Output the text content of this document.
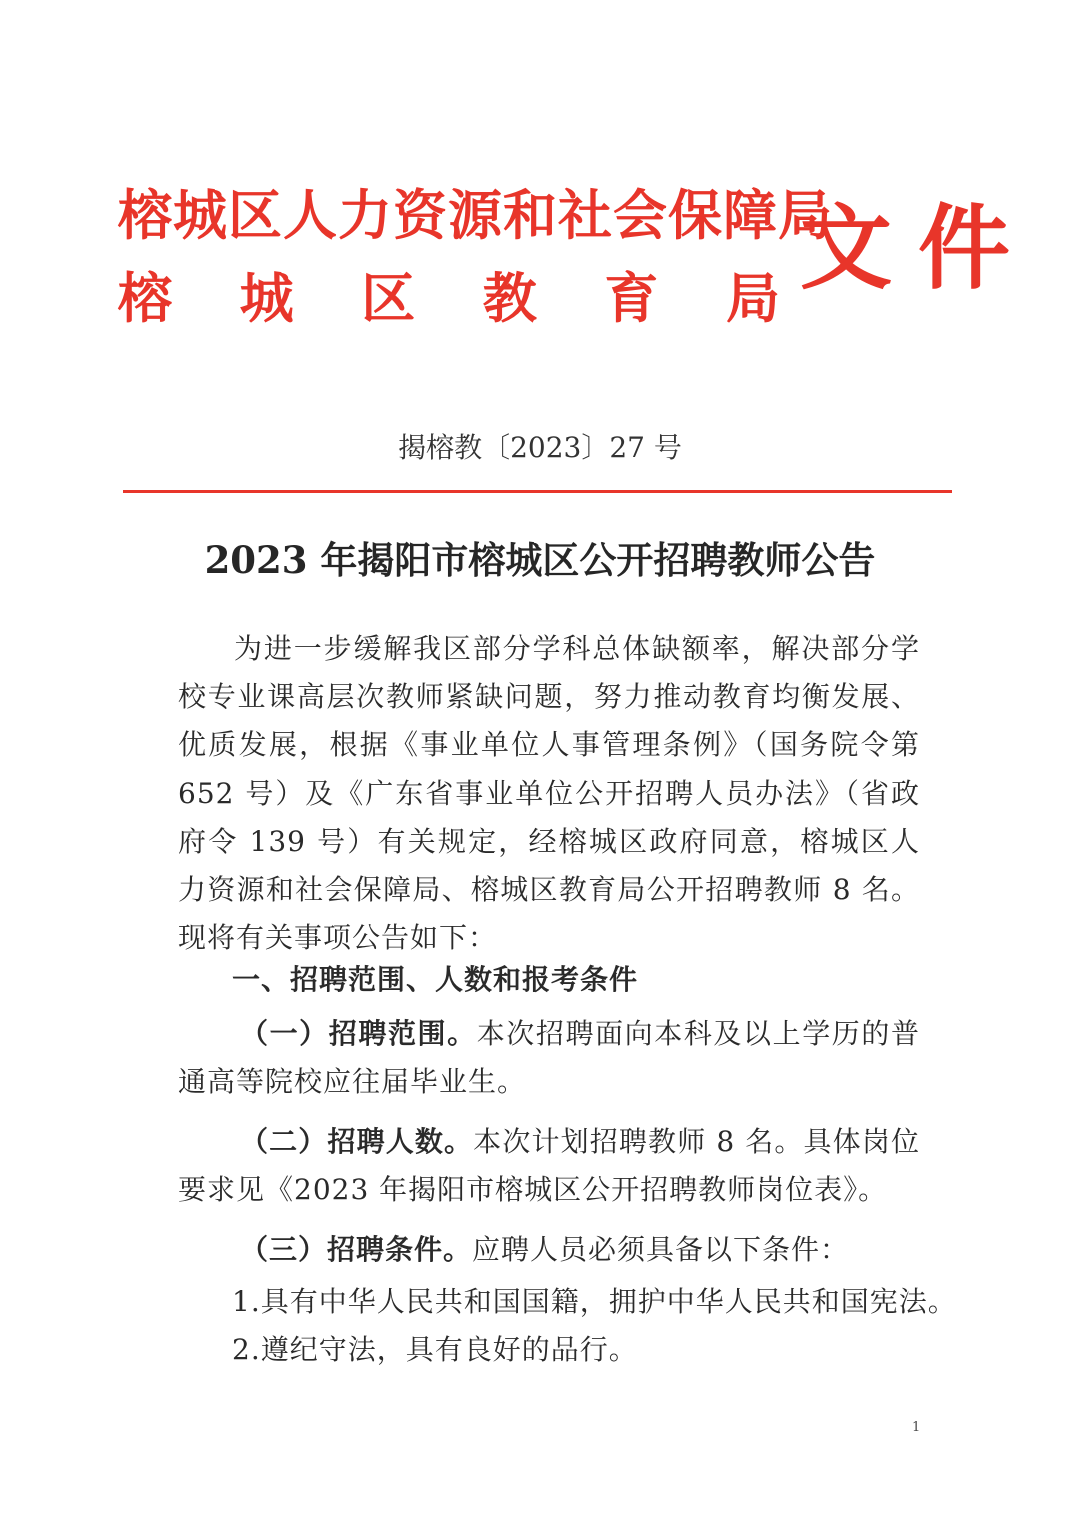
榕城区人力资源和社会保障局
榕 城 区 教 育 局 文件
揭榕教〔2023〕27 号
2023 年揭阳市榕城区公开招聘教师公告

为进一步缓解我区部分学科总体缺额率，解决部分学校专业课高层次教师紧缺问题，努力推动教育均衡发展、优质发展，根据《事业单位人事管理条例》（国务院令第 652 号）及《广东省事业单位公开招聘人员办法》（省政府令 139 号）有关规定，经榕城区政府同意，榕城区人力资源和社会保障局、榕城区教育局公开招聘教师 8 名。现将有关事项公告如下：

一、招聘范围、人数和报考条件

（一）招聘范围。本次招聘面向本科及以上学历的普通高等院校应往届毕业生。

（二）招聘人数。本次计划招聘教师 8 名。具体岗位要求见《2023 年揭阳市榕城区公开招聘教师岗位表》。

（三）招聘条件。应聘人员必须具备以下条件：

1.具有中华人民共和国国籍，拥护中华人民共和国宪法。
2.遵纪守法，具有良好的品行。
1
